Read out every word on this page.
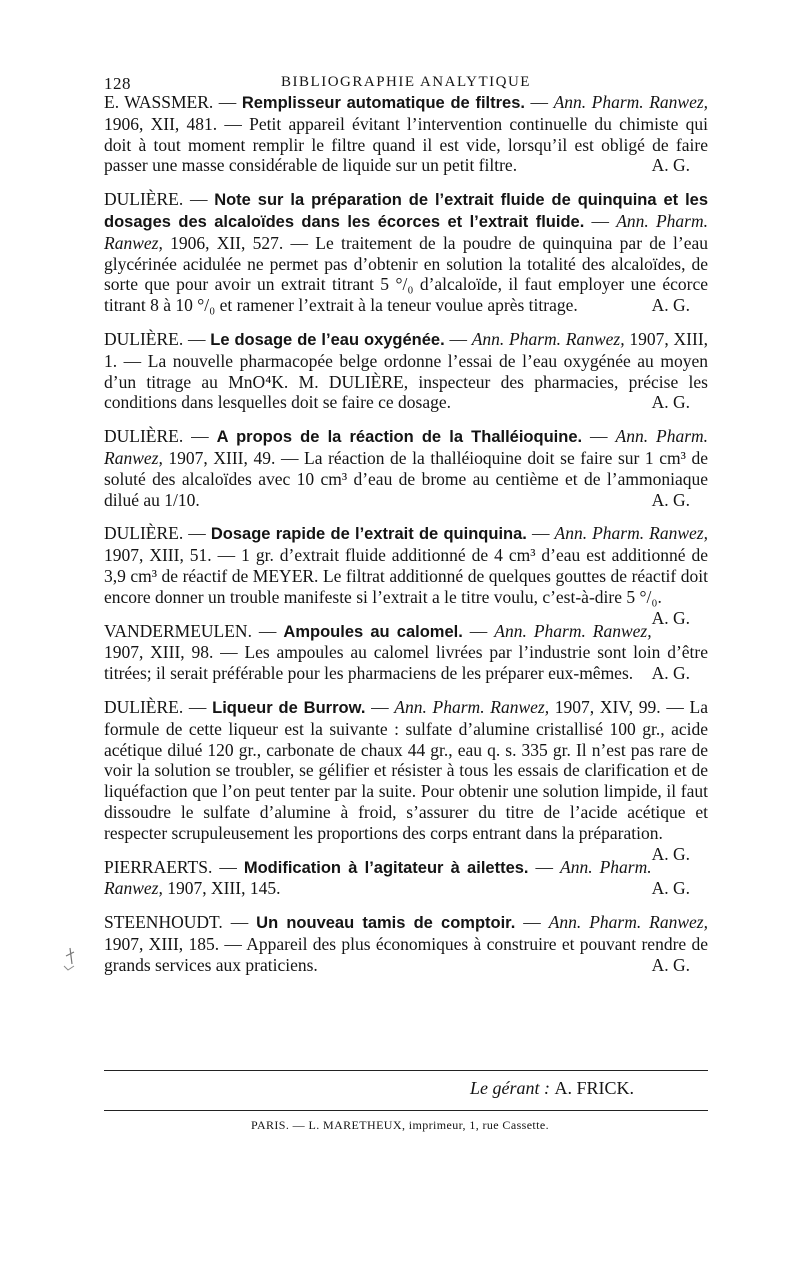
128	BIBLIOGRAPHIE ANALYTIQUE
E. WASSMER. — Remplisseur automatique de filtres. — Ann. Pharm. Ranwez, 1906, XII, 481. — Petit appareil évitant l’intervention continuelle du chimiste qui doit à tout moment remplir le filtre quand il est vide, lorsqu’il est obligé de faire passer une masse considérable de liquide sur un petit filtre.	A. G.
DULIÈRE. — Note sur la préparation de l’extrait fluide de quinquina et les dosages des alcaloïdes dans les écorces et l’extrait fluide. — Ann. Pharm. Ranwez, 1906, XII, 527. — Le traitement de la poudre de quinquina par de l’eau glycérinée acidulée ne permet pas d’obtenir en solution la totalité des alcaloïdes, de sorte que pour avoir un extrait titrant 5 °/₀ d’alcaloïde, il faut employer une écorce titrant 8 à 10 °/₀ et ramener l’extrait à la teneur voulue après titrage.	A. G.
DULIÈRE. — Le dosage de l’eau oxygénée. — Ann. Pharm. Ranwez, 1907, XIII, 1. — La nouvelle pharmacopée belge ordonne l’essai de l’eau oxygénée au moyen d’un titrage au MnO⁴K. M. DULIÈRE, inspecteur des pharmacies, précise les conditions dans lesquelles doit se faire ce dosage.	A. G.
DULIÈRE. — A propos de la réaction de la Thalléioquine. — Ann. Pharm. Ranwez, 1907, XIII, 49. — La réaction de la thalléioquine doit se faire sur 1 cm³ de soluté des alcaloïdes avec 10 cm³ d’eau de brome au centième et de l’ammoniaque dilué au 1/10.	A. G.
DULIÈRE. — Dosage rapide de l’extrait de quinquina. — Ann. Pharm. Ranwez, 1907, XIII, 51. — 1 gr. d’extrait fluide additionné de 4 cm³ d’eau est additionné de 3,9 cm³ de réactif de MEYER. Le filtrat additionné de quelques gouttes de réactif doit encore donner un trouble manifeste si l’extrait a le titre voulu, c’est-à-dire 5 °/₀.
A. G.
VANDERMEULEN. — Ampoules au calomel. — Ann. Pharm. Ranwez, 1907, XIII, 98. — Les ampoules au calomel livrées par l’industrie sont loin d’être titrées; il serait préférable pour les pharmaciens de les préparer eux-mêmes. A. G.
DULIÈRE. — Liqueur de Burrow. — Ann. Pharm. Ranwez, 1907, XIV, 99. — La formule de cette liqueur est la suivante : sulfate d’alumine cristallisé 100 gr., acide acétique dilué 120 gr., carbonate de chaux 44 gr., eau q. s. 335 gr. Il n’est pas rare de voir la solution se troubler, se gélifier et résister à tous les essais de clarification et de liquéfaction que l’on peut tenter par la suite. Pour obtenir une solution limpide, il faut dissoudre le sulfate d’alumine à froid, s’assurer du titre de l’acide acétique et respecter scrupuleusement les proportions des corps entrant dans la préparation.
A. G.
PIERRAERTS. — Modification à l’agitateur à ailettes. — Ann. Pharm. Ranwez, 1907, XIII, 145.	A. G.
STEENHOUDT. — Un nouveau tamis de comptoir. — Ann. Pharm. Ranwez, 1907, XIII, 185. — Appareil des plus économiques à construire et pouvant rendre de grands services aux praticiens.	A. G.
Le gérant : A. FRICK.
PARIS. — L. MARETHEUX, imprimeur, 1, rue Cassette.
